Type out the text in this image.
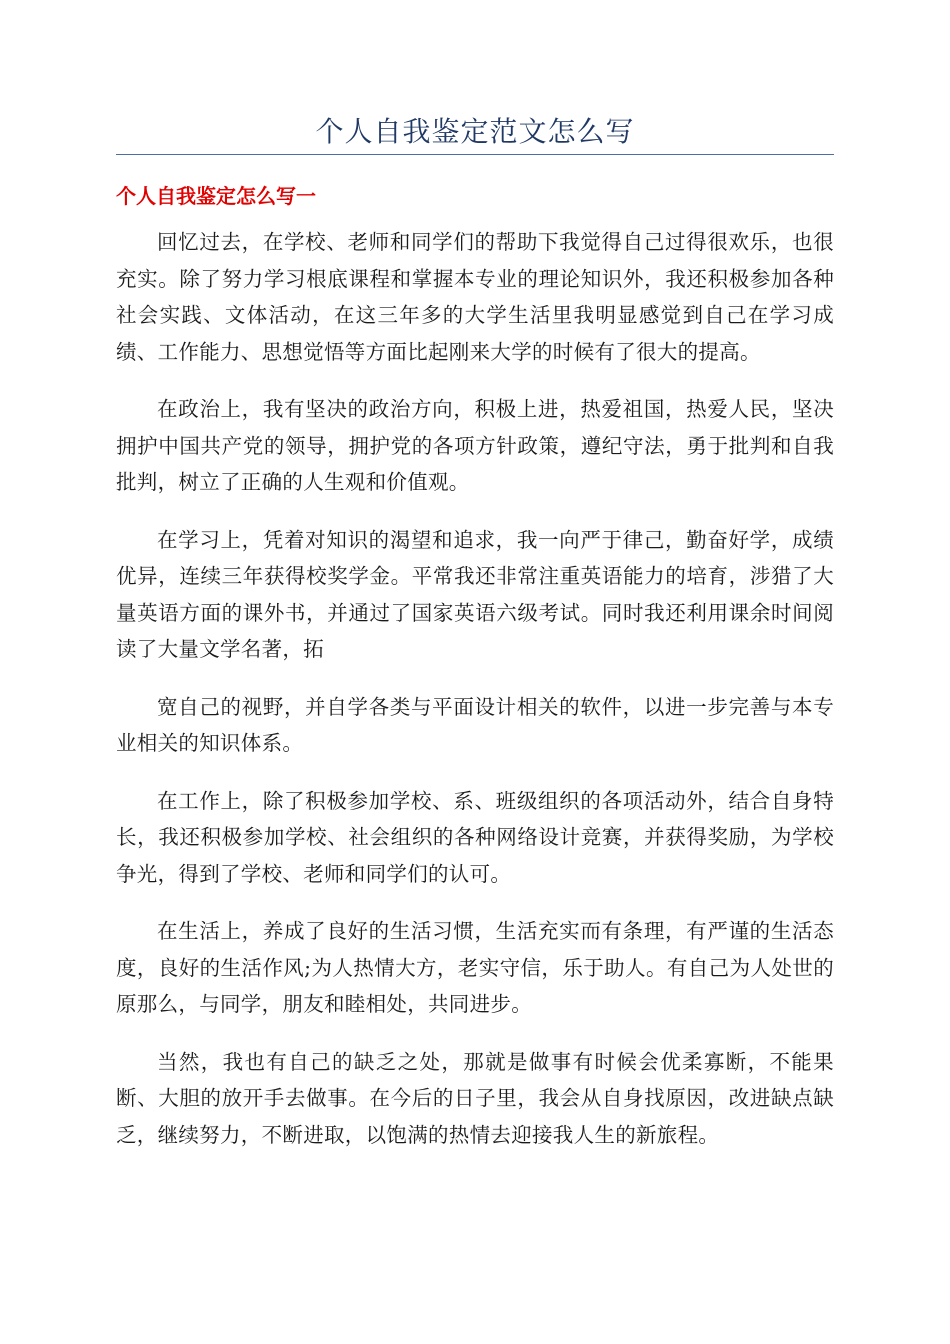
个人自我鉴定范文怎么写
个人自我鉴定怎么写一

回忆过去，在学校、老师和同学们的帮助下我觉得自己过得很欢乐，也很充实。除了努力学习根底课程和掌握本专业的理论知识外，我还积极参加各种社会实践、文体活动，在这三年多的大学生活里我明显感觉到自己在学习成绩、工作能力、思想觉悟等方面比起刚来大学的时候有了很大的提高。

在政治上，我有坚决的政治方向，积极上进，热爱祖国，热爱人民，坚决拥护中国共产党的领导，拥护党的各项方针政策，遵纪守法，勇于批判和自我批判，树立了正确的人生观和价值观。

在学习上，凭着对知识的渴望和追求，我一向严于律己，勤奋好学，成绩优异，连续三年获得校奖学金。平常我还非常注重英语能力的培育，涉猎了大量英语方面的课外书，并通过了国家英语六级考试。同时我还利用课余时间阅读了大量文学名著，拓

宽自己的视野，并自学各类与平面设计相关的软件，以进一步完善与本专业相关的知识体系。

在工作上，除了积极参加学校、系、班级组织的各项活动外，结合自身特长，我还积极参加学校、社会组织的各种网络设计竞赛，并获得奖励，为学校争光，得到了学校、老师和同学们的认可。

在生活上，养成了良好的生活习惯，生活充实而有条理，有严谨的生活态度，良好的生活作风;为人热情大方，老实守信，乐于助人。有自己为人处世的原那么，与同学，朋友和睦相处，共同进步。

当然，我也有自己的缺乏之处，那就是做事有时候会优柔寡断，不能果断、大胆的放开手去做事。在今后的日子里，我会从自身找原因，改进缺点缺乏，继续努力，不断进取，以饱满的热情去迎接我人生的新旅程。
